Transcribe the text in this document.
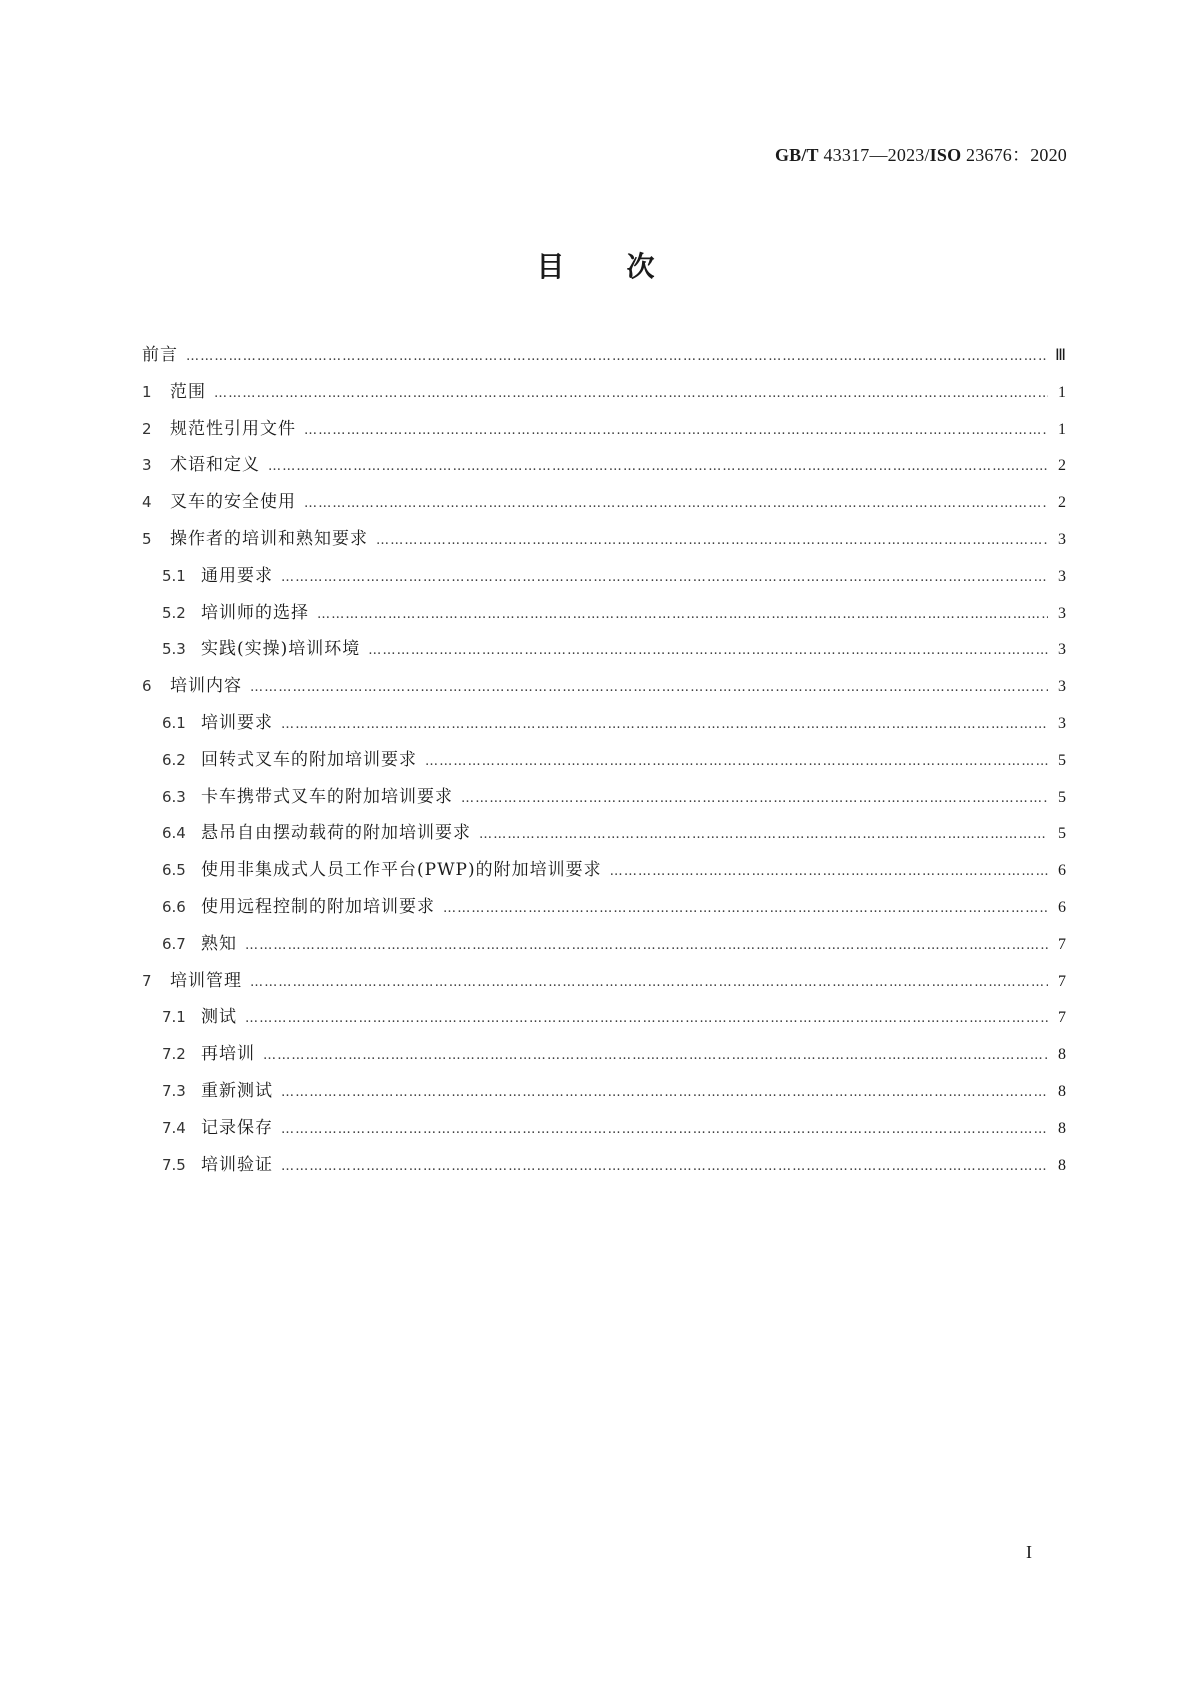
GB/T 43317—2023/ISO 23676：2020
目次
前言 ……………………………………………………………………………………………………………………………………………………………………………………………………………………	Ⅲ
1	范围 ……………………………………………………………………………………………………………………………………………………………………………………………………………………	1
2	规范性引用文件 ……………………………………………………………………………………………………………………………………………………………………………………………………………………	1
3	术语和定义 ……………………………………………………………………………………………………………………………………………………………………………………………………………………	2
4	叉车的安全使用 ……………………………………………………………………………………………………………………………………………………………………………………………………………………	2
5	操作者的培训和熟知要求 ……………………………………………………………………………………………………………………………………………………………………………………………………………………	3
5.1 通用要求 ……………………………………………………………………………………………………………………………………………………………………………………………………………………	3
5.2 培训师的选择 ……………………………………………………………………………………………………………………………………………………………………………………………………………………	3
5.3 实践(实操)培训环境 ……………………………………………………………………………………………………………………………………………………………………………………………………………………	3
6	培训内容 ……………………………………………………………………………………………………………………………………………………………………………………………………………………	3
6.1 培训要求 ……………………………………………………………………………………………………………………………………………………………………………………………………………………	3
6.2 回转式叉车的附加培训要求 ……………………………………………………………………………………………………………………………………………………………………………………………………………………	5
6.3 卡车携带式叉车的附加培训要求 ……………………………………………………………………………………………………………………………………………………………………………………………………………………	5
6.4 悬吊自由摆动载荷的附加培训要求 ……………………………………………………………………………………………………………………………………………………………………………………………………………………	5
6.5 使用非集成式人员工作平台(PWP)的附加培训要求 ……………………………………………………………………………………………………………………………………………………………………………………………………………………	6
6.6 使用远程控制的附加培训要求 ……………………………………………………………………………………………………………………………………………………………………………………………………………………	6
6.7 熟知 ……………………………………………………………………………………………………………………………………………………………………………………………………………………	7
7	培训管理 ……………………………………………………………………………………………………………………………………………………………………………………………………………………	7
7.1 测试 ……………………………………………………………………………………………………………………………………………………………………………………………………………………	7
7.2 再培训 ……………………………………………………………………………………………………………………………………………………………………………………………………………………	8
7.3 重新测试 ……………………………………………………………………………………………………………………………………………………………………………………………………………………	8
7.4 记录保存 ……………………………………………………………………………………………………………………………………………………………………………………………………………………	8
7.5 培训验证 ……………………………………………………………………………………………………………………………………………………………………………………………………………………	8
I
